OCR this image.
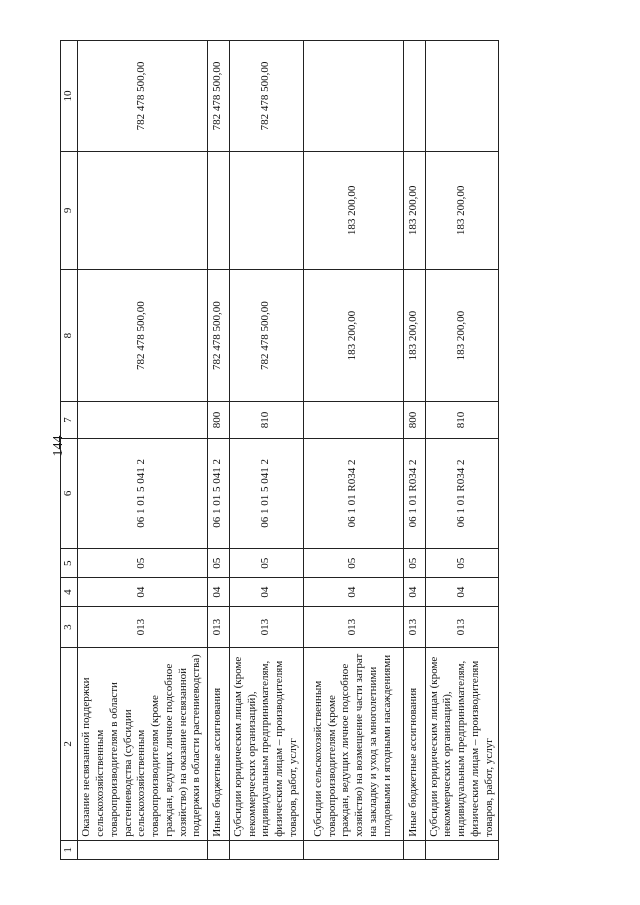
144
1	2	3	4	5	6	7	8	9	10
	Оказание несвязанной поддержки сельскохозяйственным товаропроизводителям в области растениеводства (субсидии сельскохозяйственным товаропроизводителям (кроме граждан, ведущих личное подсобное хозяйство) на оказание несвязанной поддержки в области растениеводства)	013	04	05	06 1 01 5 041 2		782 478 500,00		782 478 500,00
	Иные бюджетные ассигнования	013	04	05	06 1 01 5 041 2	800	782 478 500,00		782 478 500,00
	Субсидии юридическим лицам (кроме некоммерческих организаций), индивидуальным предпринимателям, физическим лицам – производителям товаров, работ, услуг	013	04	05	06 1 01 5 041 2	810	782 478 500,00		782 478 500,00
	Субсидии сельскохозяйственным товаропроизводителям (кроме граждан, ведущих личное подсобное хозяйство) на возмещение части затрат на закладку и уход за многолетними плодовыми и ягодными насаждениями	013	04	05	06 1 01 R034 2		183 200,00	183 200,00	
	Иные бюджетные ассигнования	013	04	05	06 1 01 R034 2	800	183 200,00	183 200,00	
	Субсидии юридическим лицам (кроме некоммерческих организаций), индивидуальным предпринимателям, физическим лицам – производителям товаров, работ, услуг	013	04	05	06 1 01 R034 2	810	183 200,00	183 200,00	
